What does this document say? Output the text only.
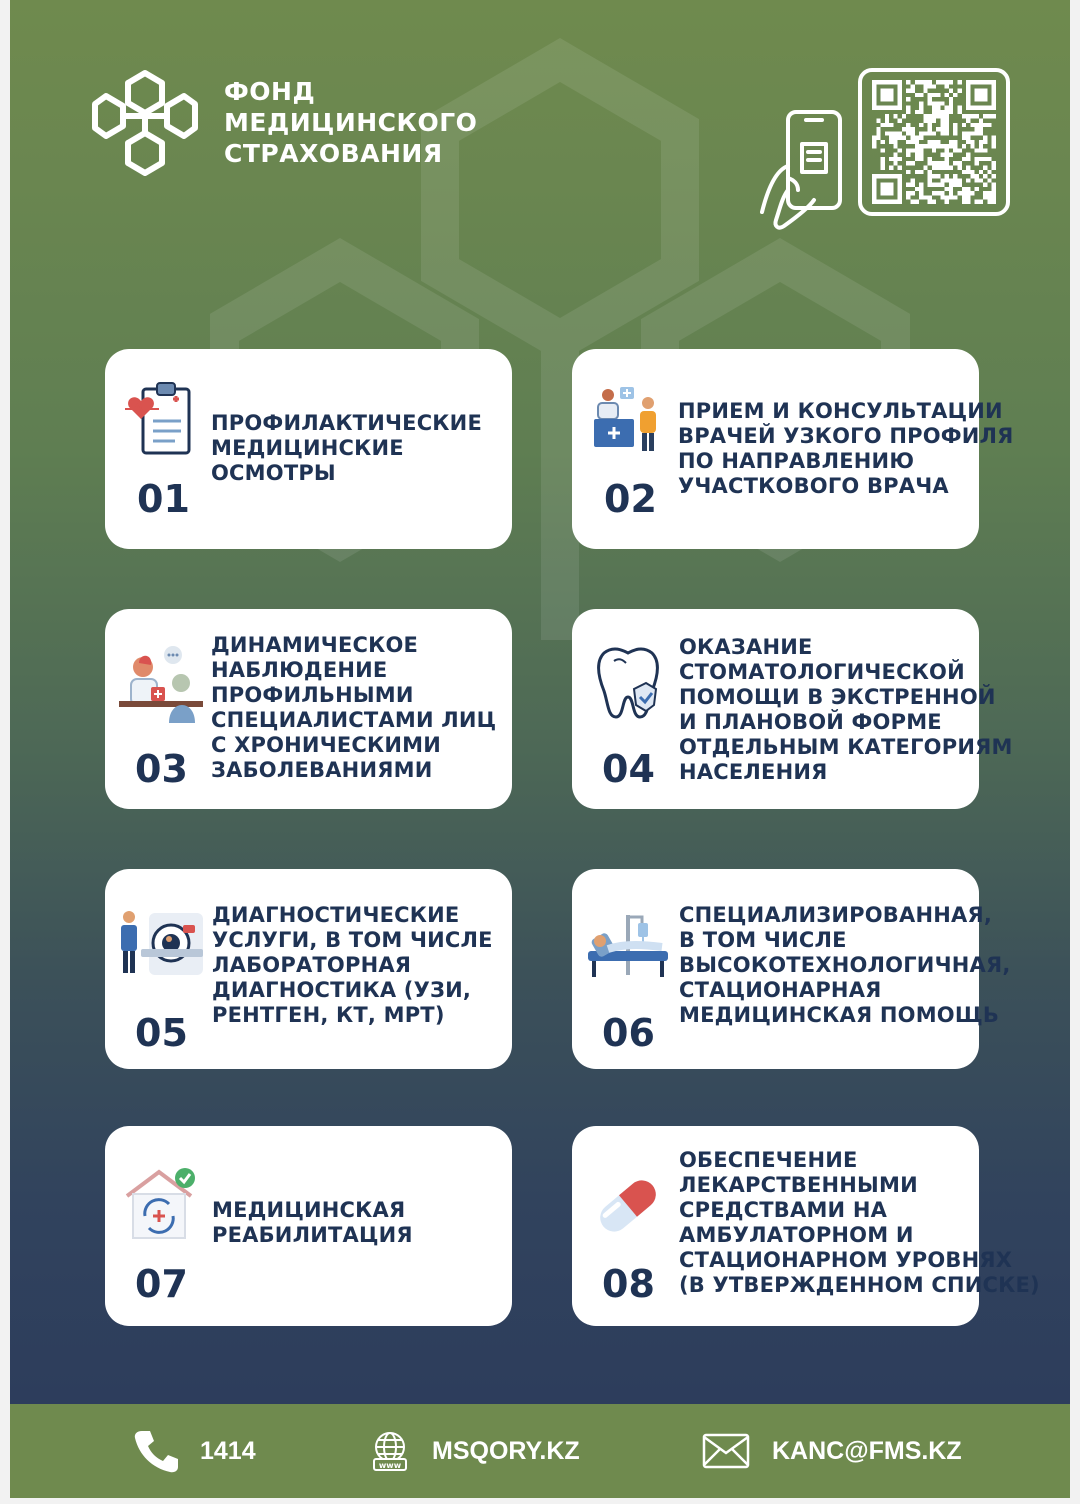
ФОНД
МЕДИЦИНСКОГО
СТРАХОВАНИЯ
01
ПРОФИЛАКТИЧЕСКИЕ
МЕДИЦИНСКИЕ
ОСМОТРЫ
02
ПРИЕМ И КОНСУЛЬТАЦИИ
ВРАЧЕЙ УЗКОГО ПРОФИЛЯ
ПО НАПРАВЛЕНИЮ
УЧАСТКОВОГО ВРАЧА
03
ДИНАМИЧЕСКОЕ
НАБЛЮДЕНИЕ
ПРОФИЛЬНЫМИ
СПЕЦИАЛИСТАМИ ЛИЦ
С ХРОНИЧЕСКИМИ
ЗАБОЛЕВАНИЯМИ	04
ОКАЗАНИЕ
СТОМАТОЛОГИЧЕСКОЙ
ПОМОЩИ В ЭКСТРЕННОЙ
И ПЛАНОВОЙ ФОРМЕ
ОТДЕЛЬНЫМ КАТЕГОРИЯМ
НАСЕЛЕНИЯ
05
ДИАГНОСТИЧЕСКИЕ
УСЛУГИ, В ТОМ ЧИСЛЕ
ЛАБОРАТОРНАЯ
ДИАГНОСТИКА (УЗИ,
РЕНТГЕН, КТ, МРТ)	06
СПЕЦИАЛИЗИРОВАННАЯ,
В ТОМ ЧИСЛЕ
ВЫСОКОТЕХНОЛОГИЧНАЯ,
СТАЦИОНАРНАЯ
МЕДИЦИНСКАЯ ПОМОЩЬ
07
МЕДИЦИНСКАЯ
РЕАБИЛИТАЦИЯ
08
ОБЕСПЕЧЕНИЕ
ЛЕКАРСТВЕННЫМИ
СРЕДСТВАМИ НА
АМБУЛАТОРНОМ И
СТАЦИОНАРНОМ УРОВНЯХ
(В УТВЕРЖДЕННОМ СПИСКЕ)
1414
www
MSQORY.KZ	KANC@FMS.KZ
